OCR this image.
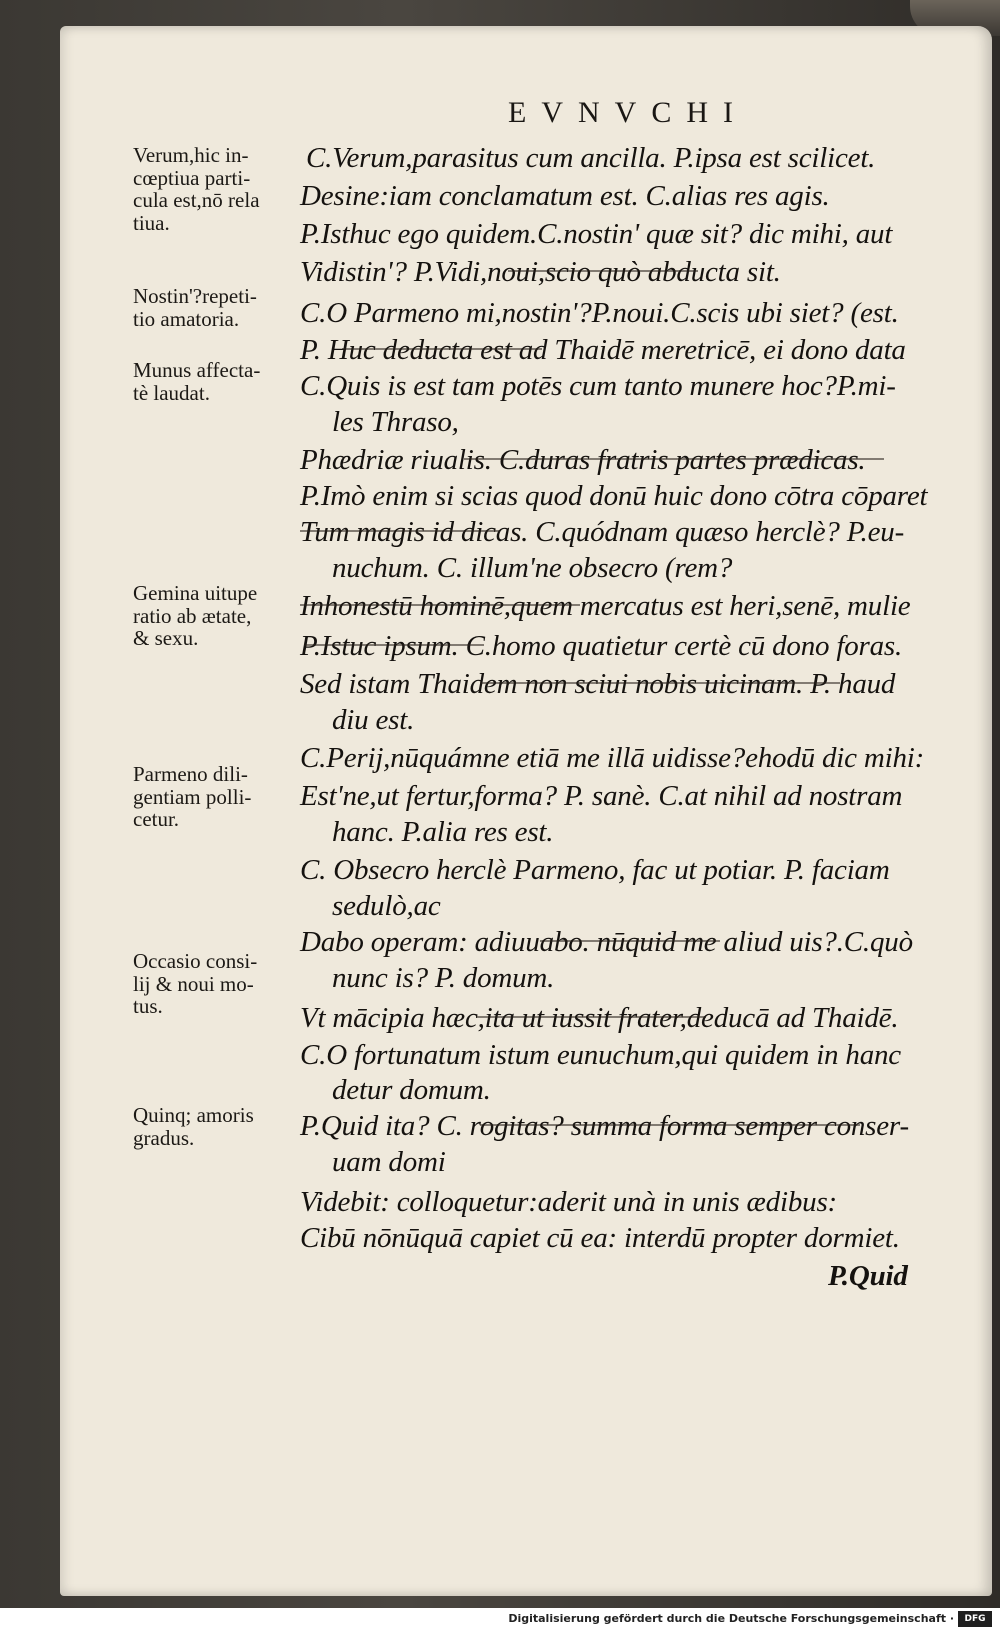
EVNVCHI
Verum,hic in-
cœptiua parti-
cula est,nō rela
tiua.
Nostin'?repeti-
tio amatoria.
Munus affecta-
tè laudat.
Gemina uitupe
ratio ab ætate,
& sexu.
Parmeno dili-
gentiam polli-
cetur.
Occasio consi-
lij & noui mo-
tus.
Quinq; amoris
gradus.
C.Verum,parasitus cum ancilla. P.ipsa est scilicet.
Desine:iam conclamatum est. C.alias res agis.
P.Isthuc ego quidem.C.nostin' quæ sit? dic mihi, aut
Vidistin'? P.Vidi,noui,scio quò abducta sit.
C.O Parmeno mi,nostin'?P.noui.C.scis ubi siet? (est.
P. Huc deducta est ad Thaidē meretricē, ei dono data
C.Quis is est tam potēs cum tanto munere hoc?P.mi-
les Thraso,
Phædriæ riualis. C.duras fratris partes prædicas.
P.Imò enim si scias quod donū huic dono cōtra cōparet
Tum magis id dicas. C.quódnam quæso herclè? P.eu-
nuchum. C. illum'ne obsecro (rem?
Inhonestū hominē,quem mercatus est heri,senē, mulie
P.Istuc ipsum. C.homo quatietur certè cū dono foras.
Sed istam Thaidem non sciui nobis uicinam. P. haud
diu est.
C.Perij,nūquámne etiā me illā uidisse?ehodū dic mihi:
Est'ne,ut fertur,forma? P. sanè. C.at nihil ad nostram
hanc. P.alia res est.
C. Obsecro herclè Parmeno, fac ut potiar. P. faciam
sedulò,ac
Dabo operam: adiuuabo. nūquid me aliud uis?.C.quò
nunc is? P. domum.
Vt mācipia hæc,ita ut iussit frater,deducā ad Thaidē.
C.O fortunatum istum eunuchum,qui quidem in hanc
detur domum.
P.Quid ita? C. rogitas? summa forma semper conser-
uam domi
Videbit: colloquetur:aderit unà in unis ædibus:
Cibū nōnūquā capiet cū ea: interdū propter dormiet.
P.Quid
Digitalisierung gefördert durch die Deutsche Forschungsgemeinschaft ·	DFG
